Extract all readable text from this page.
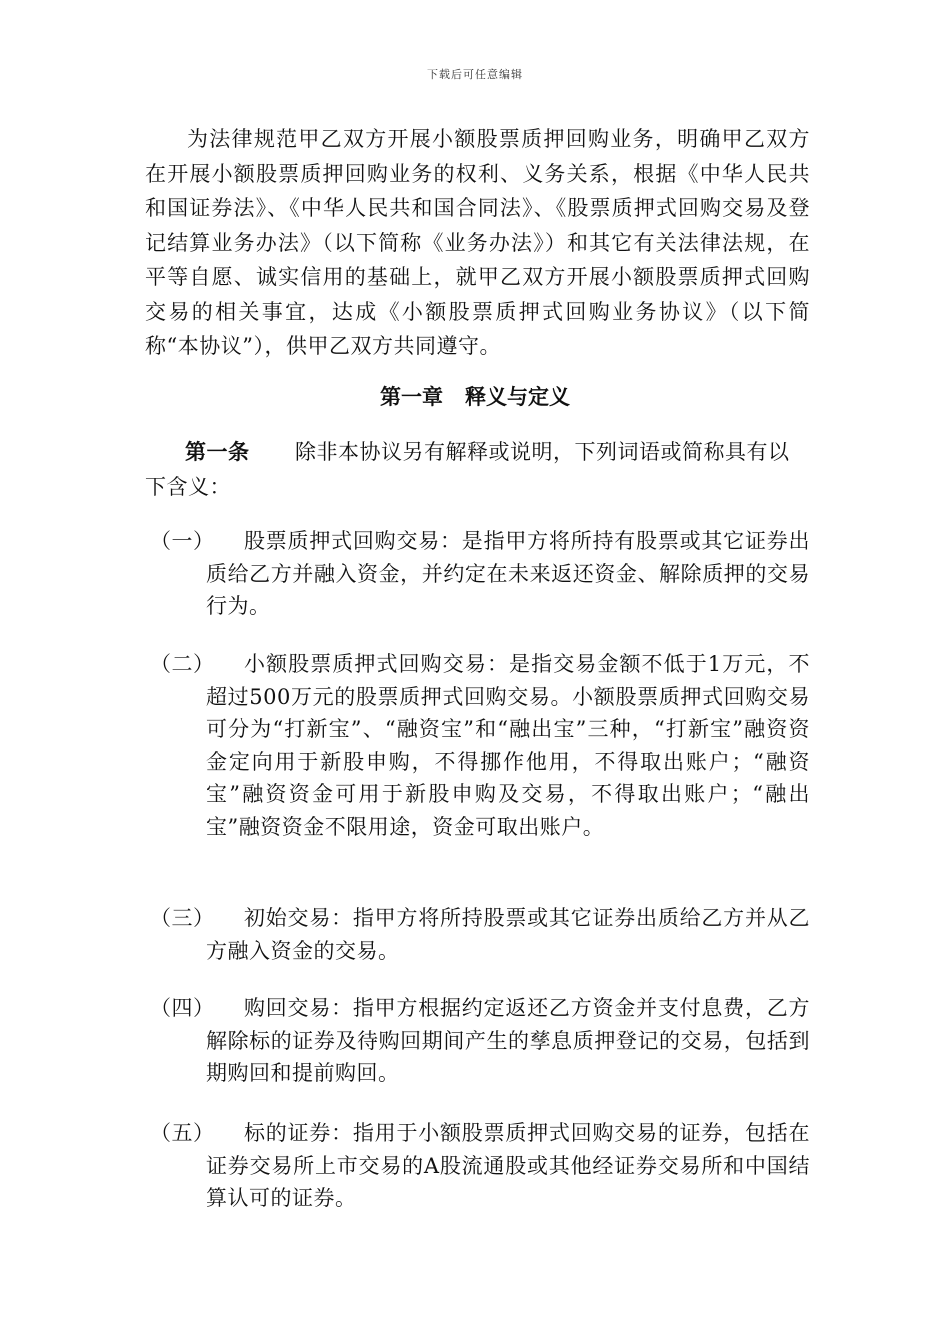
下载后可任意编辑

为法律规范甲乙双方开展小额股票质押回购业务，明确甲乙双方在开展小额股票质押回购业务的权利、义务关系，根据《中华人民共和国证券法》、《中华人民共和国合同法》、《股票质押式回购交易及登记结算业务办法》（以下简称《业务办法》）和其它有关法律法规，在平等自愿、诚实信用的基础上，就甲乙双方开展小额股票质押式回购交易的相关事宜，达成《小额股票质押式回购业务协议》（以下简称“本协议”），供甲乙双方共同遵守。

第一章 释义与定义

第一条 除非本协议另有解释或说明，下列词语或简称具有以下含义：

（一）	股票质押式回购交易：是指甲方将所持有股票或其它证券出质给乙方并融入资金，并约定在未来返还资金、解除质押的交易行为。
（二）	小额股票质押式回购交易：是指交易金额不低于1万元，不超过500万元的股票质押式回购交易。小额股票质押式回购交易可分为“打新宝”、“融资宝”和“融出宝”三种，“打新宝”融资资金定向用于新股申购，不得挪作他用，不得取出账户；“融资宝”融资资金可用于新股申购及交易，不得取出账户；“融出宝”融资资金不限用途，资金可取出账户。
（三）	初始交易：指甲方将所持股票或其它证券出质给乙方并从乙方融入资金的交易。
（四）	购回交易：指甲方根据约定返还乙方资金并支付息费，乙方解除标的证券及待购回期间产生的孳息质押登记的交易，包括到期购回和提前购回。
（五）	标的证券：指用于小额股票质押式回购交易的证券，包括在证券交易所上市交易的A股流通股或其他经证券交易所和中国结算认可的证券。
